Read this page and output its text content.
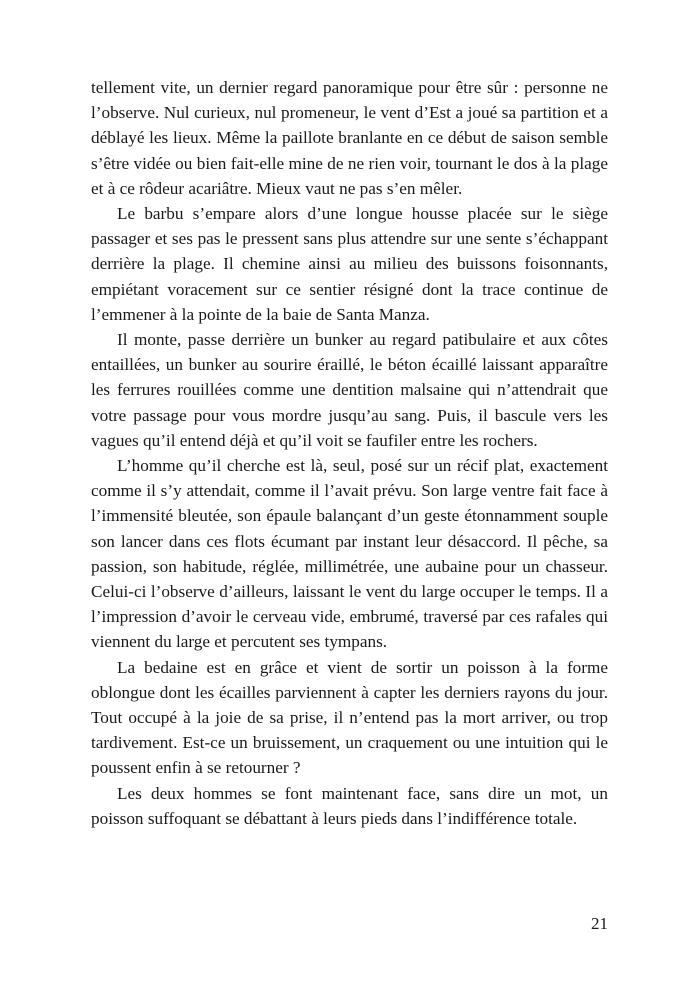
tellement vite, un dernier regard panoramique pour être sûr : personne ne l’observe. Nul curieux, nul promeneur, le vent d’Est a joué sa partition et a déblayé les lieux. Même la paillote branlante en ce début de saison semble s’être vidée ou bien fait-elle mine de ne rien voir, tournant le dos à la plage et à ce rôdeur acariâtre. Mieux vaut ne pas s’en mêler.

Le barbu s’empare alors d’une longue housse placée sur le siège passager et ses pas le pressent sans plus attendre sur une sente s’échappant derrière la plage. Il chemine ainsi au milieu des buissons foisonnants, empiétant voracement sur ce sentier résigné dont la trace continue de l’emmener à la pointe de la baie de Santa Manza.

Il monte, passe derrière un bunker au regard patibulaire et aux côtes entaillées, un bunker au sourire éraillé, le béton écaillé laissant apparaître les ferrures rouillées comme une dentition malsaine qui n’attendrait que votre passage pour vous mordre jusqu’au sang. Puis, il bascule vers les vagues qu’il entend déjà et qu’il voit se faufiler entre les rochers.

L’homme qu’il cherche est là, seul, posé sur un récif plat, exactement comme il s’y attendait, comme il l’avait prévu. Son large ventre fait face à l’immensité bleutée, son épaule balançant d’un geste étonnamment souple son lancer dans ces flots écumant par instant leur désaccord. Il pêche, sa passion, son habitude, réglée, millimétrée, une aubaine pour un chasseur. Celui-ci l’observe d’ailleurs, laissant le vent du large occuper le temps. Il a l’impression d’avoir le cerveau vide, embrumé, traversé par ces rafales qui viennent du large et percutent ses tympans.

La bedaine est en grâce et vient de sortir un poisson à la forme oblongue dont les écailles parviennent à capter les derniers rayons du jour. Tout occupé à la joie de sa prise, il n’entend pas la mort arriver, ou trop tardivement. Est-ce un bruissement, un craquement ou une intuition qui le poussent enfin à se retourner ?

Les deux hommes se font maintenant face, sans dire un mot, un poisson suffoquant se débattant à leurs pieds dans l’indifférence totale.

21
